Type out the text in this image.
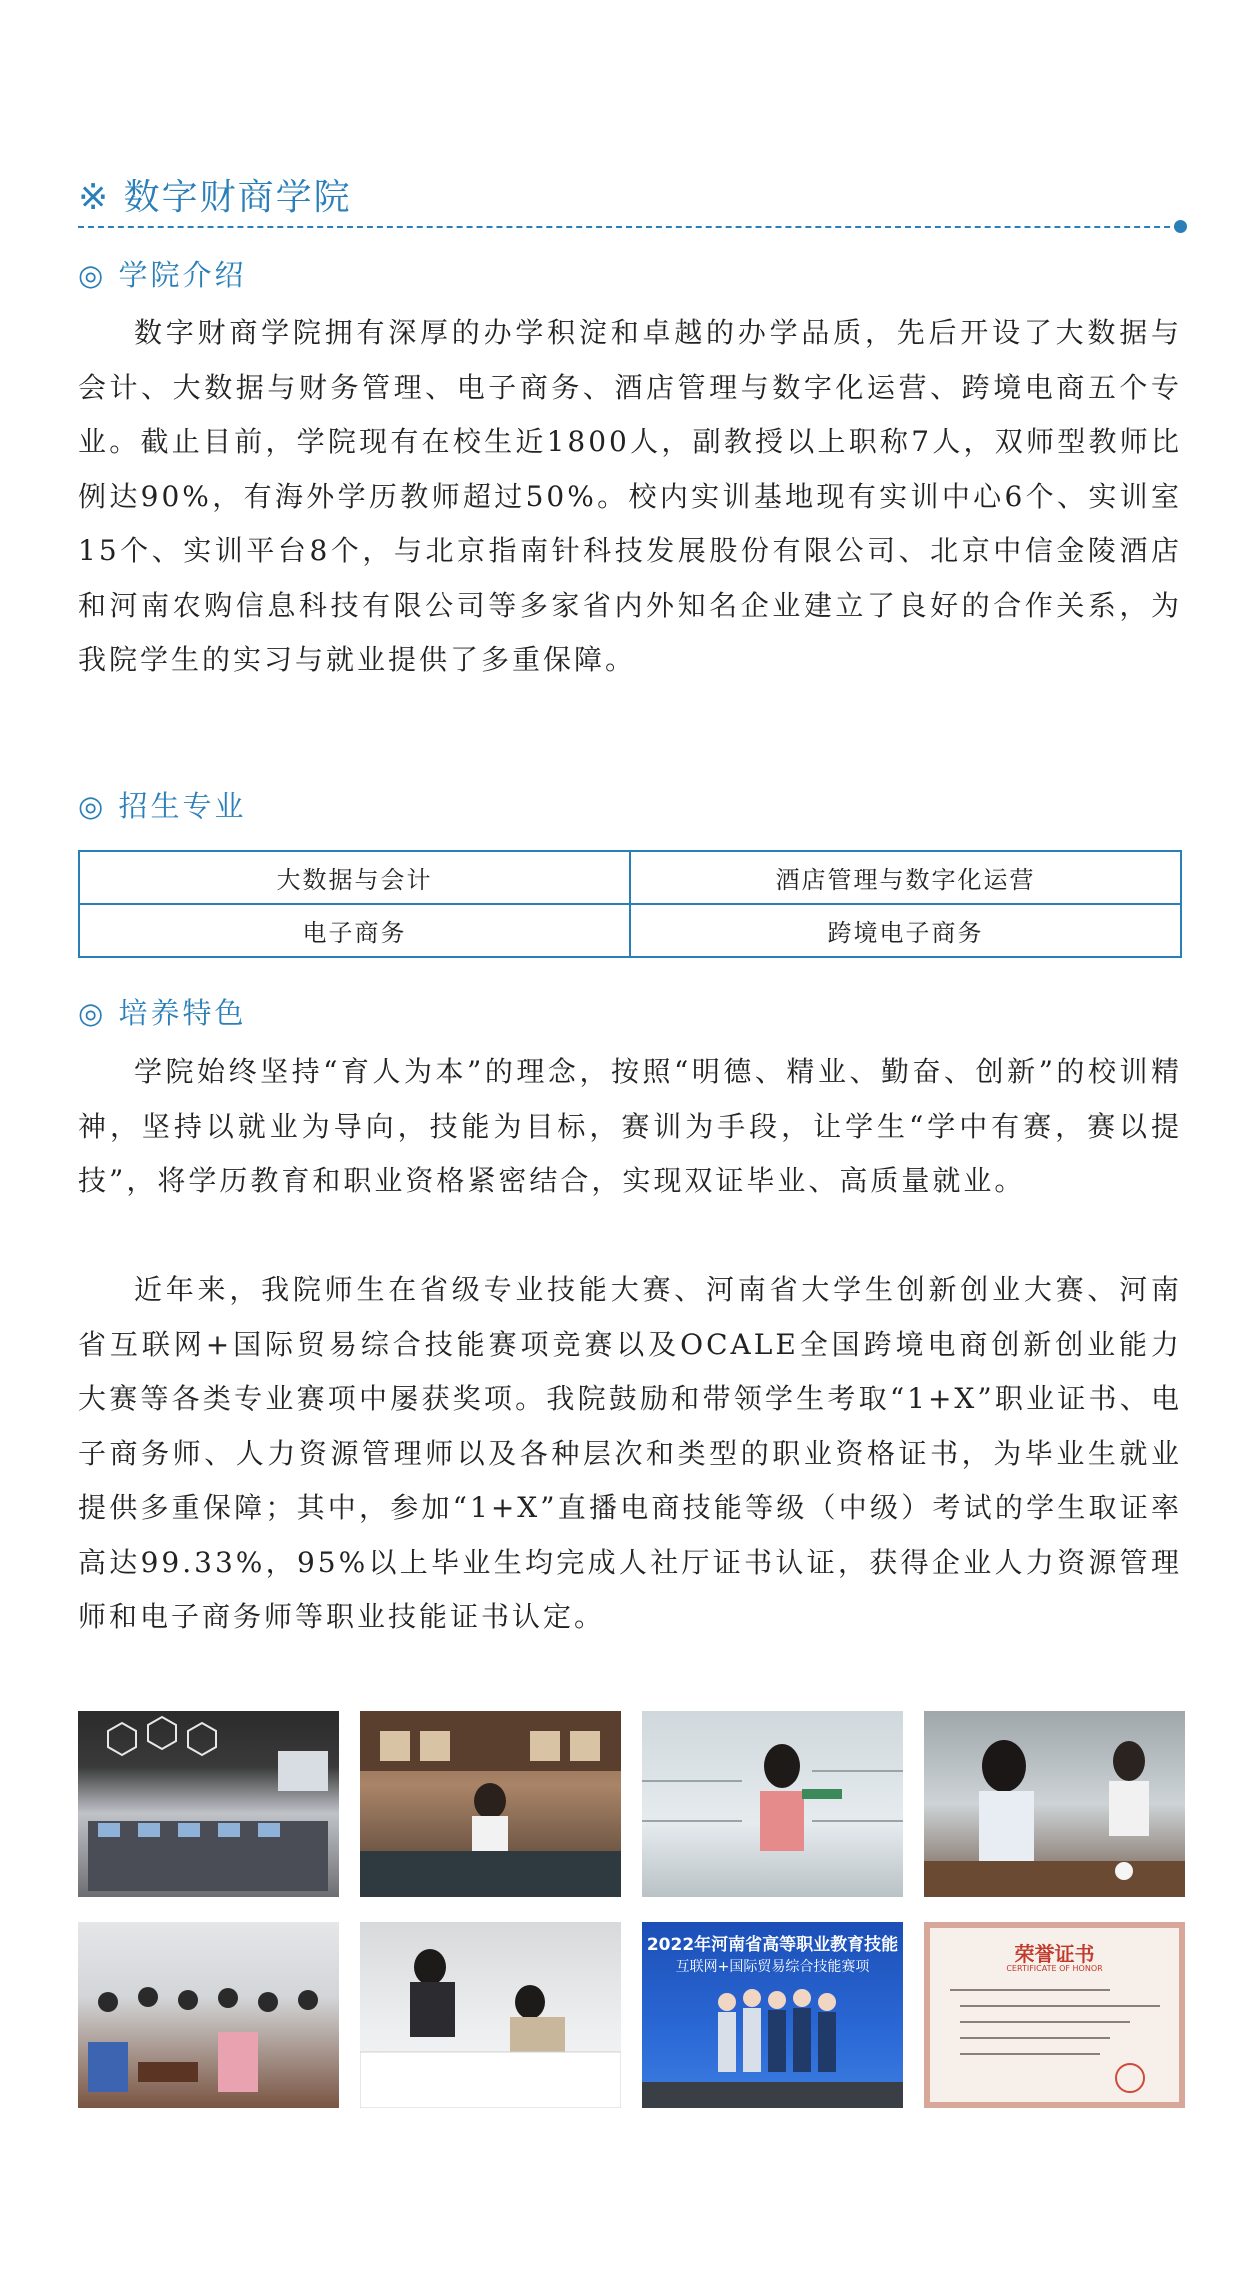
※ 数字财商学院
◎ 学院介绍

数字财商学院拥有深厚的办学积淀和卓越的办学品质，先后开设了大数据与会计、大数据与财务管理、电子商务、酒店管理与数字化运营、跨境电商五个专业。截止目前，学院现有在校生近1800人，副教授以上职称7人，双师型教师比例达90%，有海外学历教师超过50%。校内实训基地现有实训中心6个、实训室15个、实训平台8个，与北京指南针科技发展股份有限公司、北京中信金陵酒店和河南农购信息科技有限公司等多家省内外知名企业建立了良好的合作关系，为我院学生的实习与就业提供了多重保障。

◎ 招生专业
大数据与会计	酒店管理与数字化运营
电子商务	跨境电子商务
◎ 培养特色

学院始终坚持“育人为本”的理念，按照“明德、精业、勤奋、创新”的校训精神，坚持以就业为导向，技能为目标，赛训为手段，让学生“学中有赛，赛以提技”，将学历教育和职业资格紧密结合，实现双证毕业、高质量就业。

近年来，我院师生在省级专业技能大赛、河南省大学生创新创业大赛、河南省互联网+国际贸易综合技能赛项竞赛以及OCALE全国跨境电商创新创业能力大赛等各类专业赛项中屡获奖项。我院鼓励和带领学生考取“1+X”职业证书、电子商务师、人力资源管理师以及各种层次和类型的职业资格证书，为毕业生就业提供多重保障；其中，参加“1+X”直播电商技能等级（中级）考试的学生取证率高达99.33%，95%以上毕业生均完成人社厅证书认证，获得企业人力资源管理师和电子商务师等职业技能证书认定。

2022年河南省高等职业教育技能
互联网+国际贸易综合技能赛项
荣誉证书
CERTIFICATE OF HONOR
